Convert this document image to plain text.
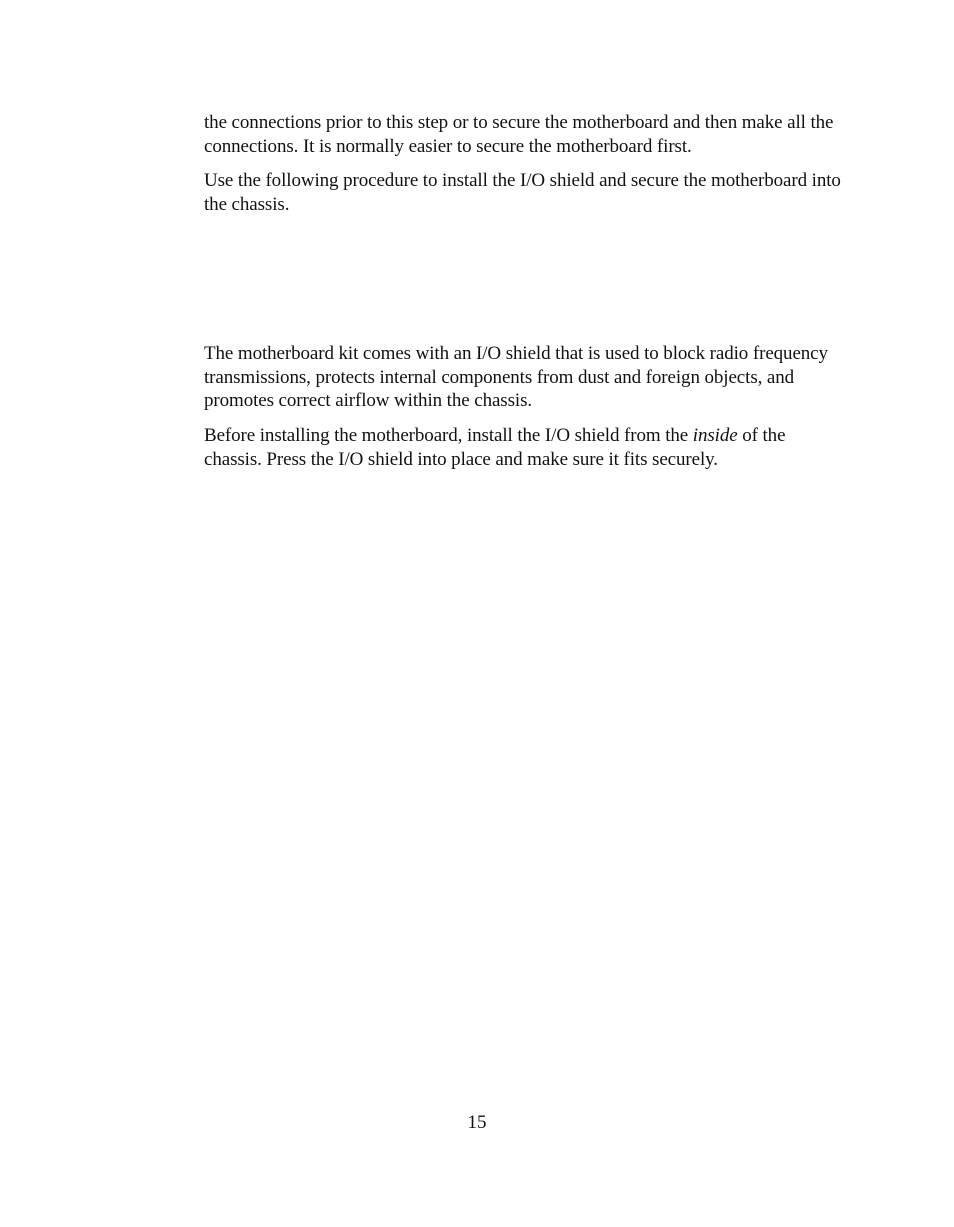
the connections prior to this step or to secure the motherboard and then make all the connections. It is normally easier to secure the motherboard first.

Use the following procedure to install the I/O shield and secure the motherboard into the chassis.

The motherboard kit comes with an I/O shield that is used to block radio frequency transmissions, protects internal components from dust and foreign objects, and promotes correct airflow within the chassis.

Before installing the motherboard, install the I/O shield from the inside of the chassis. Press the I/O shield into place and make sure it fits securely.

15
